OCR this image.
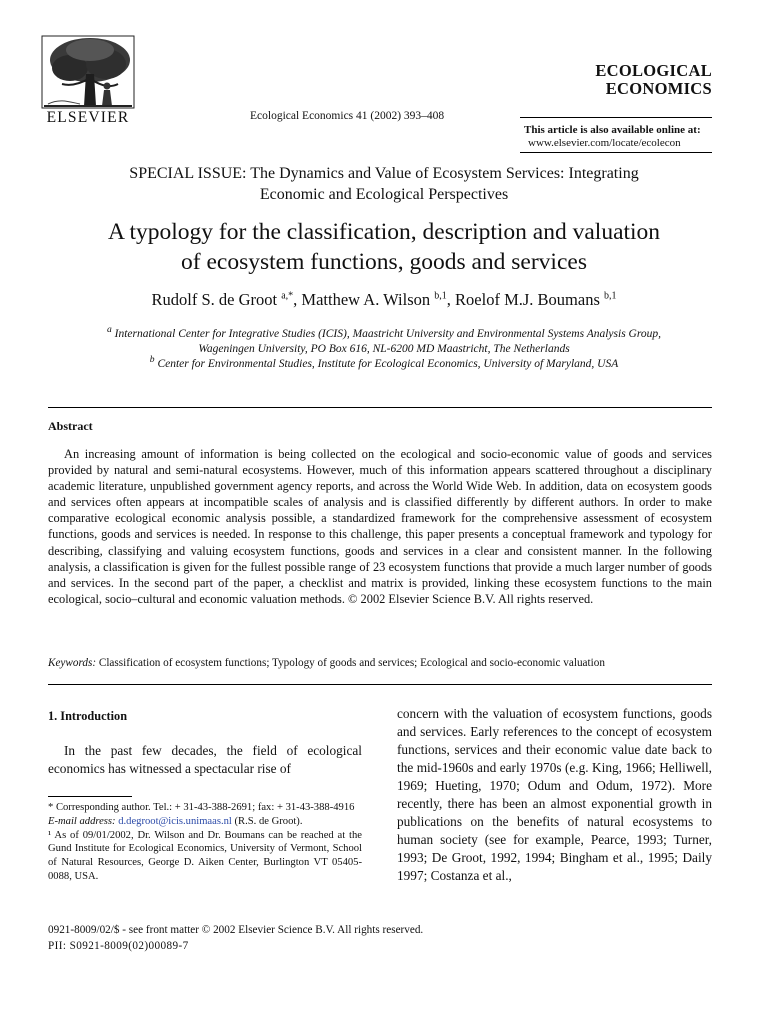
ELSEVIER	Ecological Economics 41 (2002) 393–408
ECOLOGICAL
ECONOMICS
This article is also available online at:
www.elsevier.com/locate/ecolecon
SPECIAL ISSUE: The Dynamics and Value of Ecosystem Services: Integrating
Economic and Ecological Perspectives
A typology for the classification, description and valuation
of ecosystem functions, goods and services
Rudolf S. de Groot $^{a,*}$, Matthew A. Wilson $^{b,1}$, Roelof M.J. Boumans $^{b,1}$
$^a$ International Center for Integrative Studies (ICIS), Maastricht University and Environmental Systems Analysis Group,
Wageningen University, PO Box 616, NL-6200 MD Maastricht, The Netherlands
$^b$ Center for Environmental Studies, Institute for Ecological Economics, University of Maryland, USA
Abstract
An increasing amount of information is being collected on the ecological and socio-economic value of goods and services provided by natural and semi-natural ecosystems. However, much of this information appears scattered throughout a disciplinary academic literature, unpublished government agency reports, and across the World Wide Web. In addition, data on ecosystem goods and services often appears at incompatible scales of analysis and is classified differently by different authors. In order to make comparative ecological economic analysis possible, a standardized framework for the comprehensive assessment of ecosystem functions, goods and services is needed. In response to this challenge, this paper presents a conceptual framework and typology for describing, classifying and valuing ecosystem functions, goods and services in a clear and consistent manner. In the following analysis, a classification is given for the fullest possible range of 23 ecosystem functions that provide a much larger number of goods and services. In the second part of the paper, a checklist and matrix is provided, linking these ecosystem functions to the main ecological, socio–cultural and economic valuation methods. © 2002 Elsevier Science B.V. All rights reserved.
Keywords: Classification of ecosystem functions; Typology of goods and services; Ecological and socio-economic valuation
1. Introduction
In the past few decades, the field of ecological economics has witnessed a spectacular rise of

* Corresponding author. Tel.: + 31-43-388-2691; fax: + 31-43-388-4916

E-mail address: d.degroot@icis.unimaas.nl (R.S. de Groot).

¹ As of 09/01/2002, Dr. Wilson and Dr. Boumans can be reached at the Gund Institute for Ecological Economics, University of Vermont, School of Natural Resources, George D. Aiken Center, Burlington VT 05405-0088, USA.

concern with the valuation of ecosystem functions, goods and services. Early references to the concept of ecosystem functions, services and their economic value date back to the mid-1960s and early 1970s (e.g. King, 1966; Helliwell, 1969; Hueting, 1970; Odum and Odum, 1972). More recently, there has been an almost exponential growth in publications on the benefits of natural ecosystems to human society (see for example, Pearce, 1993; Turner, 1993; De Groot, 1992, 1994; Bingham et al., 1995; Daily 1997; Costanza et al.,
0921-8009/02/$ - see front matter © 2002 Elsevier Science B.V. All rights reserved.
PII: S0921-8009(02)00089-7
